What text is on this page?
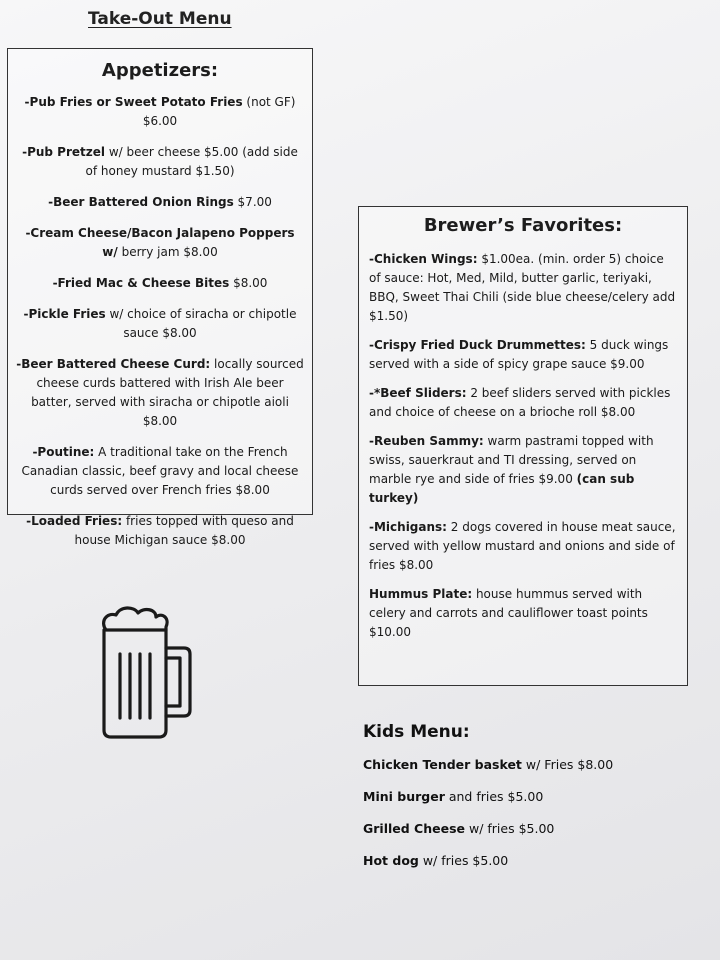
Take-Out Menu
Appetizers:
-Pub Fries or Sweet Potato Fries (not GF) $6.00
-Pub Pretzel w/ beer cheese $5.00 (add side of honey mustard $1.50)
-Beer Battered Onion Rings $7.00
-Cream Cheese/Bacon Jalapeno Poppers w/ berry jam $8.00
-Fried Mac & Cheese Bites $8.00
-Pickle Fries w/ choice of siracha or chipotle sauce $8.00
-Beer Battered Cheese Curd: locally sourced cheese curds battered with Irish Ale beer batter, served with siracha or chipotle aioli $8.00
-Poutine: A traditional take on the French Canadian classic, beef gravy and local cheese curds served over French fries $8.00
-Loaded Fries: fries topped with queso and house Michigan sauce $8.00
Brewer’s Favorites:
-Chicken Wings: $1.00ea. (min. order 5) choice of sauce: Hot, Med, Mild, butter garlic, teriyaki, BBQ, Sweet Thai Chili (side blue cheese/celery add $1.50)
-Crispy Fried Duck Drummettes: 5 duck wings served with a side of spicy grape sauce $9.00
-*Beef Sliders: 2 beef sliders served with pickles and choice of cheese on a brioche roll $8.00
-Reuben Sammy: warm pastrami topped with swiss, sauerkraut and TI dressing, served on marble rye and side of fries $9.00 (can sub turkey)
-Michigans: 2 dogs covered in house meat sauce, served with yellow mustard and onions and side of fries $8.00
Hummus Plate: house hummus served with celery and carrots and cauliflower toast points $10.00
Kids Menu:
Chicken Tender basket w/ Fries $8.00
Mini burger and fries $5.00
Grilled Cheese w/ fries $5.00
Hot dog w/ fries $5.00
